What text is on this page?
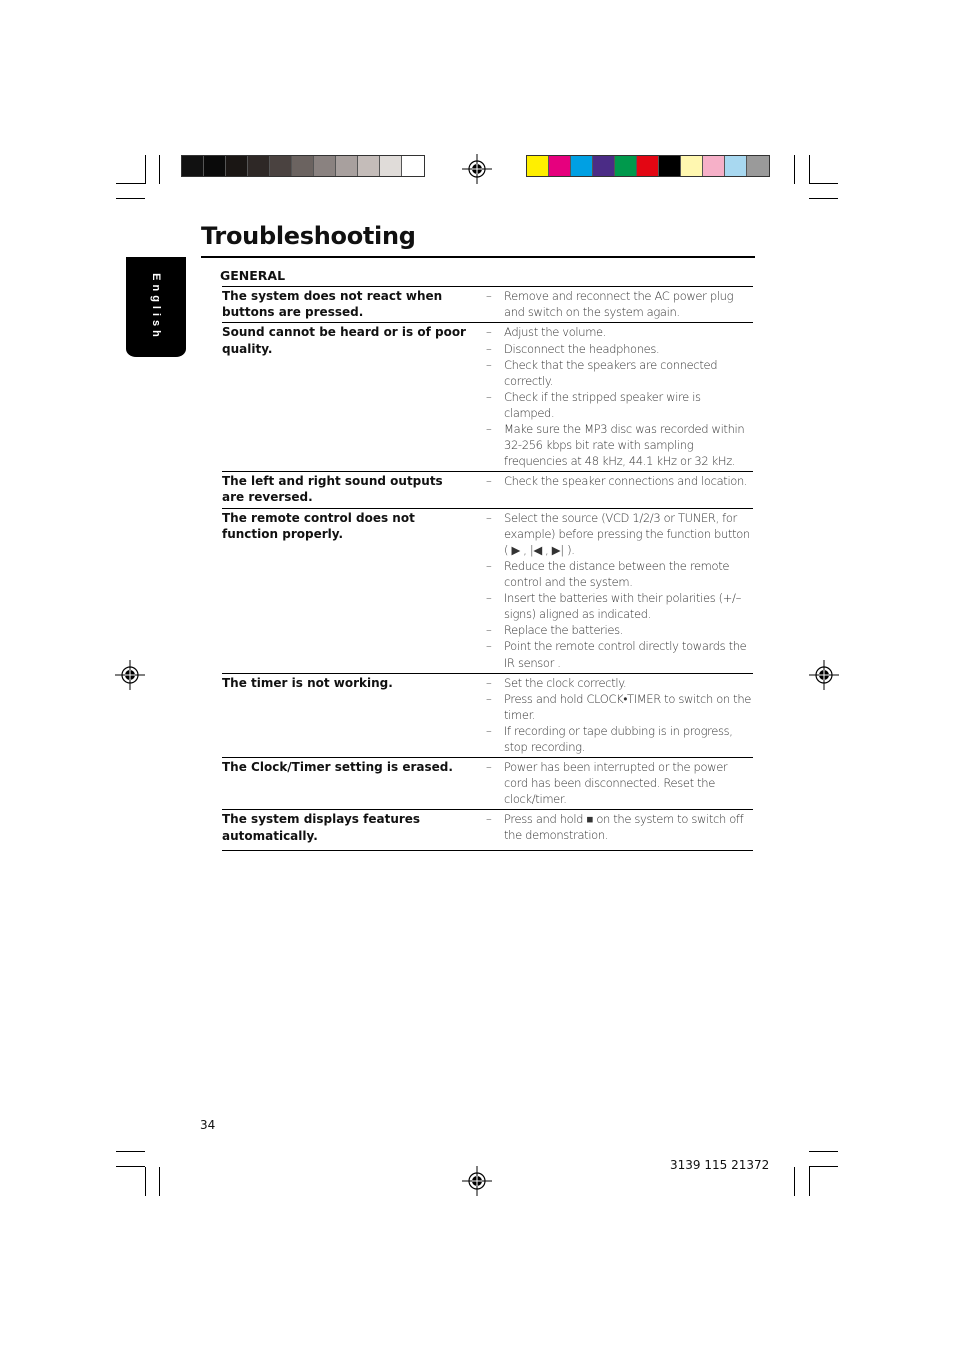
English
Troubleshooting
GENERAL
The system does not react when buttons are pressed.
–	Remove and reconnect the AC power plug and switch on the system again.
Sound cannot be heard or is of poor quality.
–	Adjust the volume.
–	Disconnect the headphones.
–	Check that the speakers are connected correctly.
–	Check if the stripped speaker wire is clamped.
–	Make sure the MP3 disc was recorded within 32-256 kbps bit rate with sampling frequencies at 48 kHz, 44.1 kHz or 32 kHz.
The left and right sound outputs are reversed.
–	Check the speaker connections and location.
The remote control does not function properly.
–	Select the source (VCD 1/2/3 or TUNER, for example) before pressing the function button ( ▶ , |◀ , ▶| ).
–	Reduce the distance between the remote control and the system.
–	Insert the batteries with their polarities (+/– signs) aligned as indicated.
–	Replace the batteries.
–	Point the remote control directly towards the IR sensor .
The timer is not working.	–	Set the clock correctly.
–	Press and hold CLOCK•TIMER to switch on the timer.
–	If recording or tape dubbing is in progress, stop recording.
The Clock/Timer setting is erased.	–	Power has been interrupted or the power cord has been disconnected. Reset the clock/timer.
The system displays features automatically.
–	Press and hold ■ on the system to switch off the demonstration.
34
3139 115 21372
